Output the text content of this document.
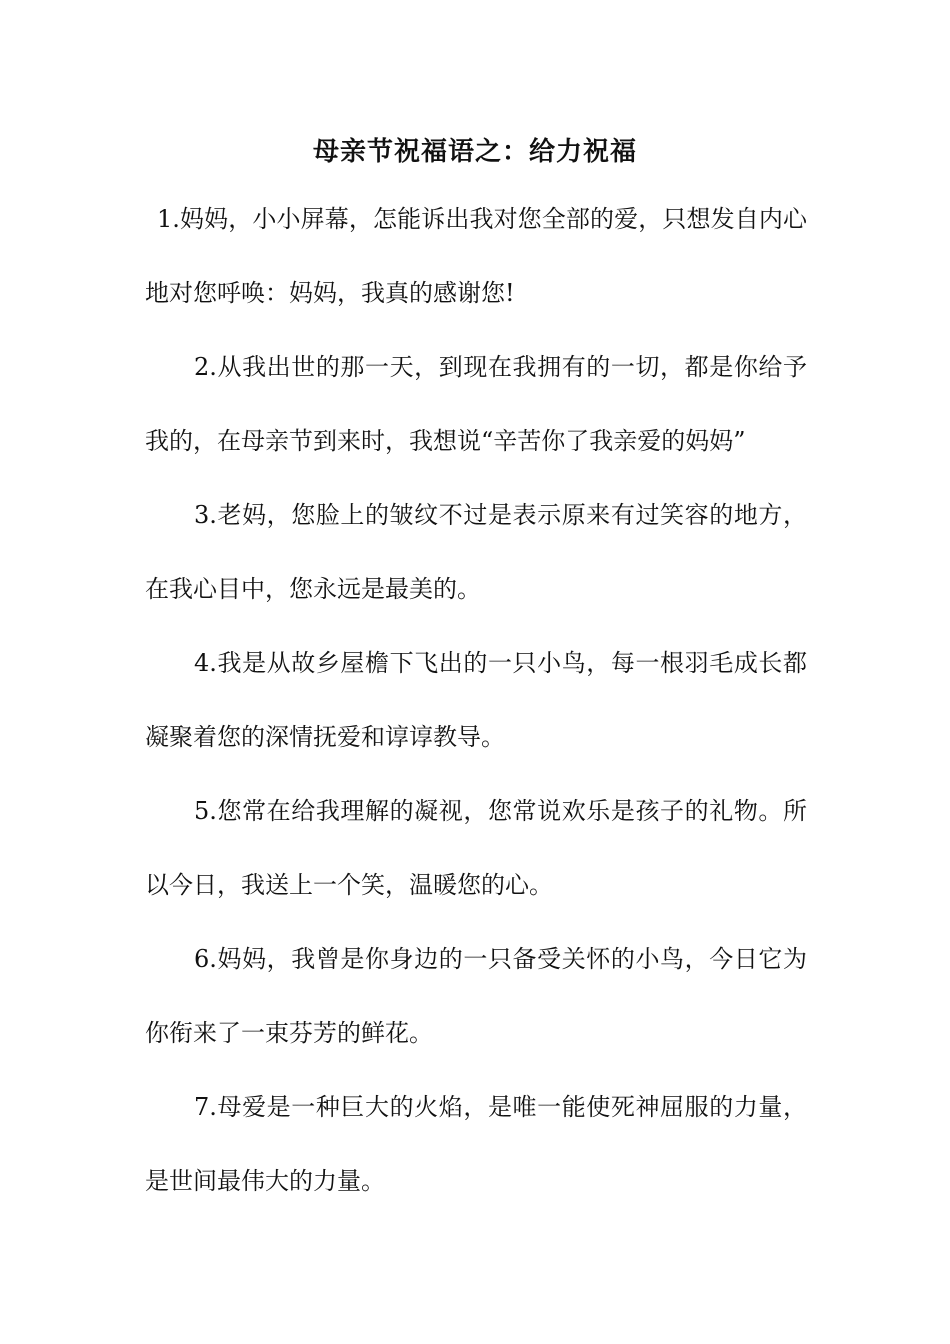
母亲节祝福语之：给力祝福

1.妈妈，小小屏幕，怎能诉出我对您全部的爱，只想发自内心地对您呼唤：妈妈，我真的感谢您!

2.从我出世的那一天，到现在我拥有的一切，都是你给予我的，在母亲节到来时，我想说“辛苦你了我亲爱的妈妈”

3.老妈，您脸上的皱纹不过是表示原来有过笑容的地方，在我心目中，您永远是最美的。

4.我是从故乡屋檐下飞出的一只小鸟，每一根羽毛成长都凝聚着您的深情抚爱和谆谆教导。

5.您常在给我理解的凝视，您常说欢乐是孩子的礼物。所以今日，我送上一个笑，温暖您的心。

6.妈妈，我曾是你身边的一只备受关怀的小鸟，今日它为你衔来了一束芬芳的鲜花。

7.母爱是一种巨大的火焰，是唯一能使死神屈服的力量，是世间最伟大的力量。
